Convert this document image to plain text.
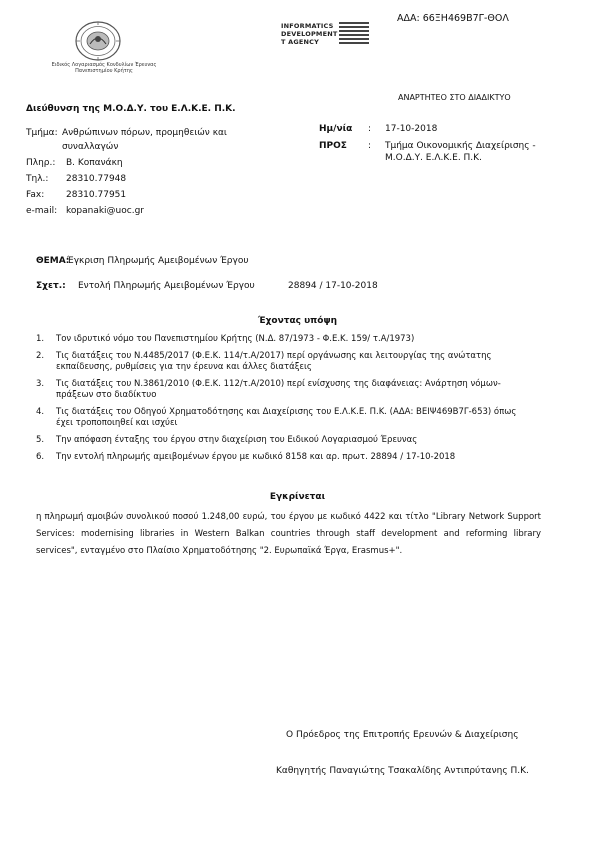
Ειδικός Λογαριασμός Κονδυλίων Έρευνας Πανεπιστημίου Κρήτης
INFORMATICS
DEVELOPMENT
T AGENCY
ΑΔΑ: 66ΞΗ469Β7Γ-ΘΟΛ
ΑΝΑΡΤΗΤΕΟ ΣΤΟ ΔΙΑΔΙΚΤΥΟ
Διεύθυνση της Μ.Ο.Δ.Υ. του Ε.Λ.Κ.Ε. Π.Κ.
Τμήμα: Ανθρώπινων πόρων, προμηθειών και
συναλλαγών
Πληρ.: Β. Κοπανάκη
Τηλ.: 28310.77948
Fax: 28310.77951
e-mail: kopanaki@uoc.gr
Ημ/νία : 17-10-2018
ΠΡΟΣ : Τμήμα Οικονομικής Διαχείρισης -
Μ.Ο.Δ.Υ. Ε.Λ.Κ.Ε. Π.Κ.
ΘΕΜΑ:
Έγκριση Πληρωμής Αμειβομένων Έργου
Σχετ.: Εντολή Πληρωμής Αμειβομένων Έργου	28894 / 17-10-2018
Έχοντας υπόψη
1. Τον ιδρυτικό νόμο του Πανεπιστημίου Κρήτης (Ν.Δ. 87/1973 - Φ.Ε.Κ. 159/ τ.Α/1973)
2. Τις διατάξεις του Ν.4485/2017 (Φ.Ε.Κ. 114/τ.Α/2017) περί οργάνωσης και λειτουργίας της ανώτατης εκπαίδευσης, ρυθμίσεις για την έρευνα και άλλες διατάξεις
3. Τις διατάξεις του Ν.3861/2010 (Φ.Ε.Κ. 112/τ.Α/2010) περί ενίσχυσης της διαφάνειας: Ανάρτηση νόμων-πράξεων στο διαδίκτυο
4. Τις διατάξεις του Οδηγού Χρηματοδότησης και Διαχείρισης του Ε.Λ.Κ.Ε. Π.Κ. (ΑΔΑ: ΒΕΙΨ469Β7Γ-653) όπως έχει τροποποιηθεί και ισχύει
5. Την απόφαση ένταξης του έργου στην διαχείριση του Ειδικού Λογαριασμού Έρευνας
6. Την εντολή πληρωμής αμειβομένων έργου με κωδικό 8158 και αρ. πρωτ. 28894 / 17-10-2018
Εγκρίνεται
η πληρωμή αμοιβών συνολικού ποσού 1.248,00 ευρώ, του έργου με κωδικό 4422 και τίτλο "Library Network Support Services: modernising libraries in Western Balkan countries through staff development and reforming library services", ενταγμένο στο Πλαίσιο Χρηματοδότησης "2. Ευρωπαϊκά Έργα, Erasmus+".
Ο Πρόεδρος της Επιτροπής Ερευνών & Διαχείρισης
Καθηγητής Παναγιώτης Τσακαλίδης Αντιπρύτανης Π.Κ.
